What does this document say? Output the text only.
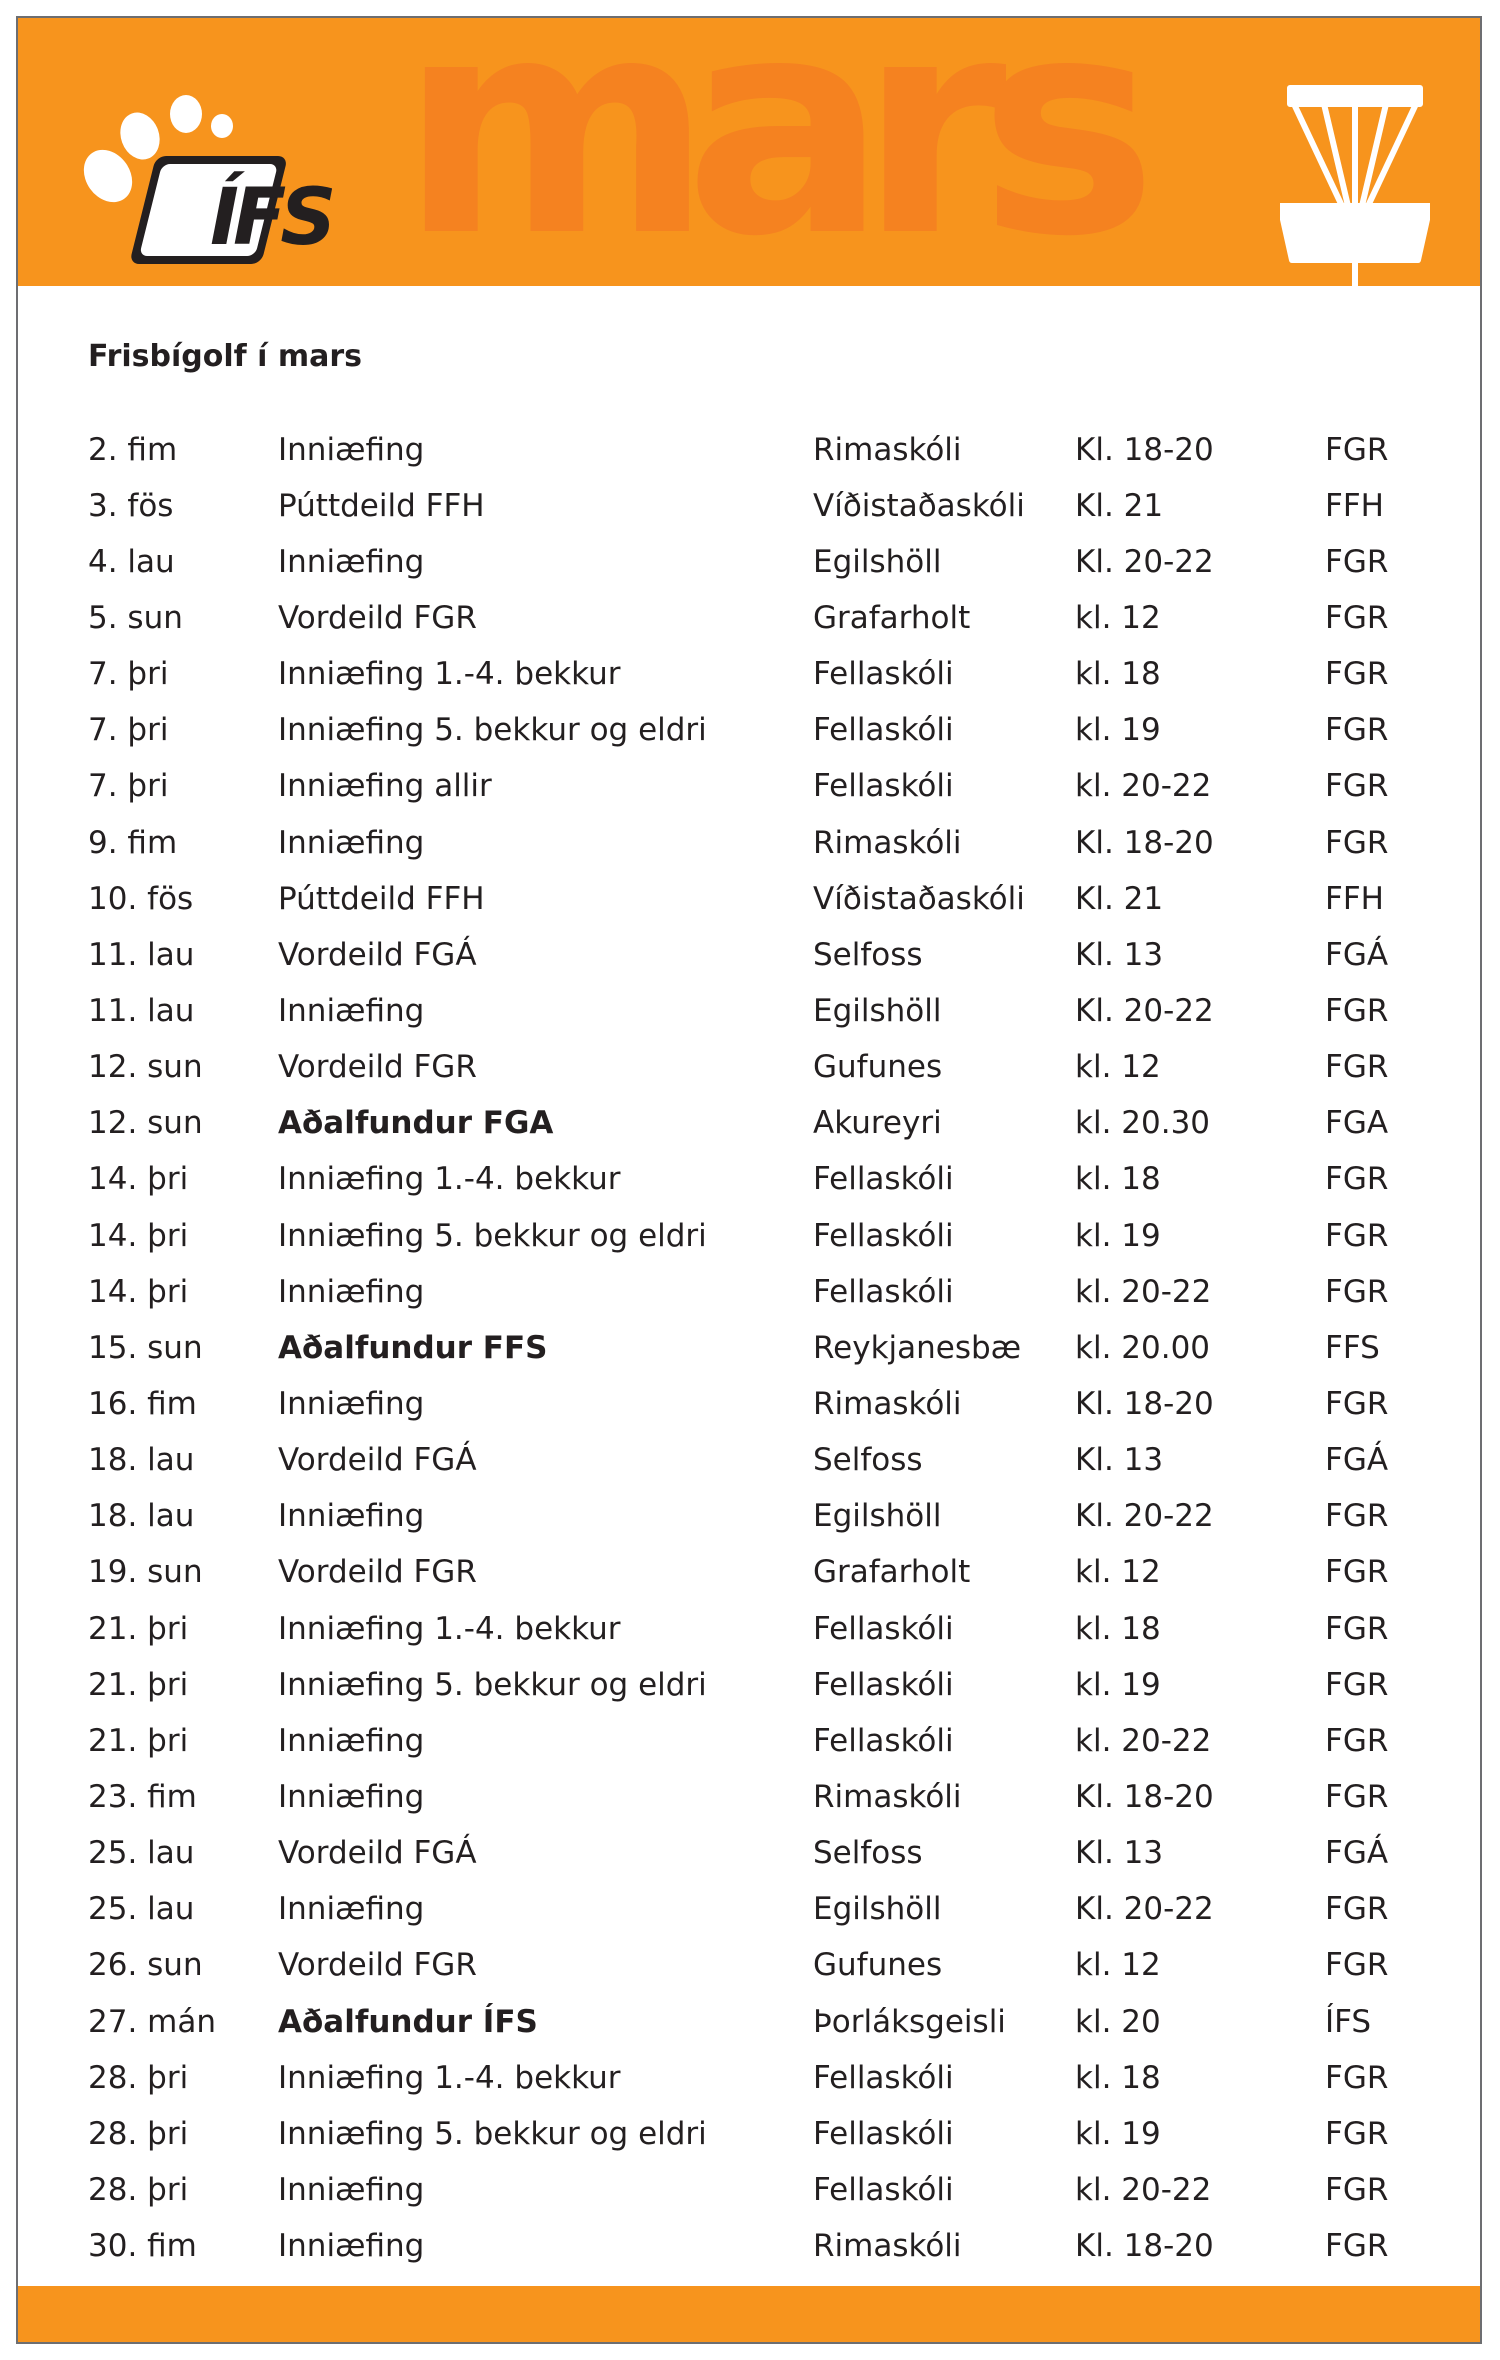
mars
ÍFS
Frisbígolf í mars
2. fim	Inniæfing	Rimaskóli	Kl. 18-20	FGR
3. fös	Púttdeild FFH	Víðistaðaskóli	Kl. 21	FFH
4. lau	Inniæfing	Egilshöll	Kl. 20-22	FGR
5. sun	Vordeild FGR	Grafarholt	kl. 12	FGR
7. þri	Inniæfing 1.-4. bekkur	Fellaskóli	kl. 18	FGR
7. þri	Inniæfing 5. bekkur og eldri	Fellaskóli	kl. 19	FGR
7. þri	Inniæfing allir	Fellaskóli	kl. 20-22	FGR
9. fim	Inniæfing	Rimaskóli	Kl. 18-20	FGR
10. fös	Púttdeild FFH	Víðistaðaskóli	Kl. 21	FFH
11. lau	Vordeild FGÁ	Selfoss	Kl. 13	FGÁ
11. lau	Inniæfing	Egilshöll	Kl. 20-22	FGR
12. sun	Vordeild FGR	Gufunes	kl. 12	FGR
12. sun	Aðalfundur FGA	Akureyri	kl. 20.30	FGA
14. þri	Inniæfing 1.-4. bekkur	Fellaskóli	kl. 18	FGR
14. þri	Inniæfing 5. bekkur og eldri	Fellaskóli	kl. 19	FGR
14. þri	Inniæfing	Fellaskóli	kl. 20-22	FGR
15. sun	Aðalfundur FFS	Reykjanesbæ	kl. 20.00	FFS
16. fim	Inniæfing	Rimaskóli	Kl. 18-20	FGR
18. lau	Vordeild FGÁ	Selfoss	Kl. 13	FGÁ
18. lau	Inniæfing	Egilshöll	Kl. 20-22	FGR
19. sun	Vordeild FGR	Grafarholt	kl. 12	FGR
21. þri	Inniæfing 1.-4. bekkur	Fellaskóli	kl. 18	FGR
21. þri	Inniæfing 5. bekkur og eldri	Fellaskóli	kl. 19	FGR
21. þri	Inniæfing	Fellaskóli	kl. 20-22	FGR
23. fim	Inniæfing	Rimaskóli	Kl. 18-20	FGR
25. lau	Vordeild FGÁ	Selfoss	Kl. 13	FGÁ
25. lau	Inniæfing	Egilshöll	Kl. 20-22	FGR
26. sun	Vordeild FGR	Gufunes	kl. 12	FGR
27. mán	Aðalfundur ÍFS	Þorláksgeisli	kl. 20	ÍFS
28. þri	Inniæfing 1.-4. bekkur	Fellaskóli	kl. 18	FGR
28. þri	Inniæfing 5. bekkur og eldri	Fellaskóli	kl. 19	FGR
28. þri	Inniæfing	Fellaskóli	kl. 20-22	FGR
30. fim	Inniæfing	Rimaskóli	Kl. 18-20	FGR
